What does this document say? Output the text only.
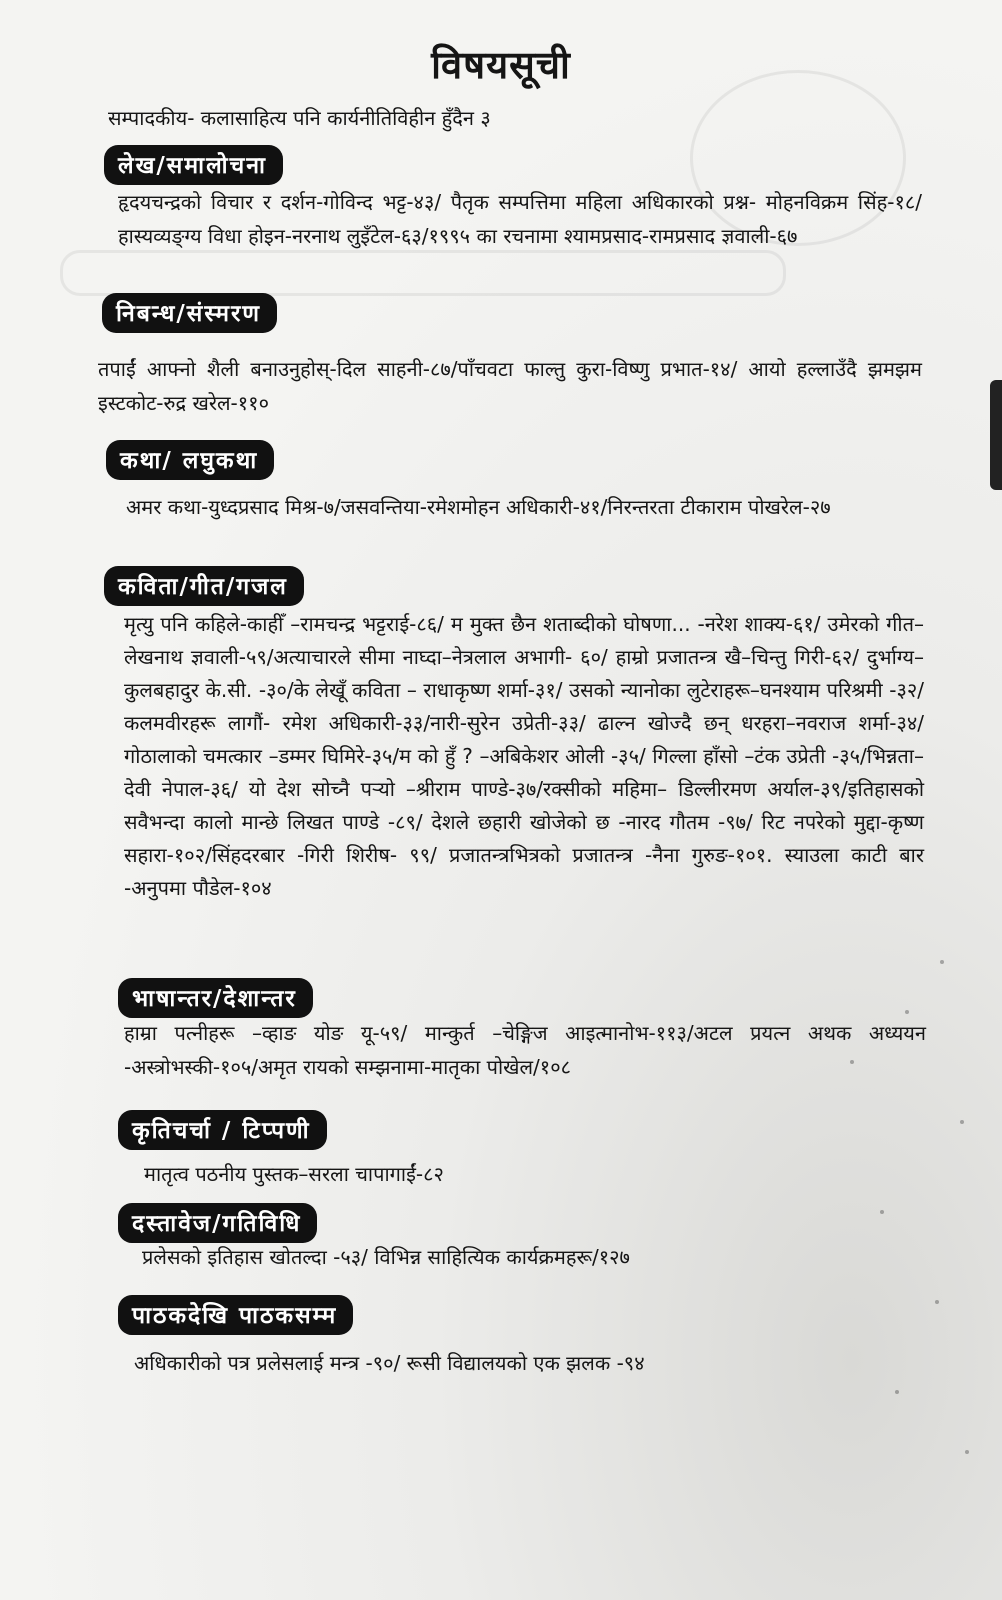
विषयसूची
सम्पादकीय- कलासाहित्य पनि कार्यनीतिविहीन हुँदैन ३
लेख/समालोचना
हृदयचन्द्रको विचार र दर्शन-गोविन्द भट्ट-४३/ पैतृक सम्पत्तिमा महिला अधिकारको प्रश्न- मोहनविक्रम सिंह-१८/हास्यव्यङ्ग्य विधा होइन-नरनाथ लुइँटेल-६३/१९९५ का रचनामा श्यामप्रसाद-रामप्रसाद ज्ञवाली-६७
निबन्ध/संस्मरण
तपाईं आफ्नो शैली बनाउनुहोस्-दिल साहनी-८७/पाँचवटा फाल्तु कुरा-विष्णु प्रभात-१४/ आयो हल्लाउँदै झमझम इस्टकोट-रुद्र खरेल-११०
कथा/ लघुकथा
अमर कथा-युध्दप्रसाद मिश्र-७/जसवन्तिया-रमेशमोहन अधिकारी-४१/निरन्तरता टीकाराम पोखरेल-२७
कविता/गीत/गजल
मृत्यु पनि कहिले-काहीँ –रामचन्द्र भट्टराई-८६/ म मुक्त छैन शताब्दीको घोषणा... -नरेश शाक्य-६१/ उमेरको गीत–लेखनाथ ज्ञवाली-५९/अत्याचारले सीमा नाघ्दा–नेत्रलाल अभागी- ६०/ हाम्रो प्रजातन्त्र खै–चिन्तु गिरी-६२/ दुर्भाग्य–कुलबहादुर के.सी. -३०/के लेखूँ कविता – राधाकृष्ण शर्मा-३१/ उसको न्यानोका लुटेराहरू–घनश्याम परिश्रमी -३२/कलमवीरहरू लागौं- रमेश अधिकारी-३३/नारी-सुरेन उप्रेती-३३/ ढाल्न खोज्दै छन् धरहरा–नवराज शर्मा-३४/गोठालाको चमत्कार –डम्मर घिमिरे-३५/म को हुँ ? –अबिकेशर ओली -३५/ गिल्ला हाँसो –टंक उप्रेती -३५/भिन्नता–देवी नेपाल-३६/ यो देश सोच्नै पर्‍यो –श्रीराम पाण्डे-३७/रक्सीको महिमा– डिल्लीरमण अर्याल-३९/इतिहासको सवैभन्दा कालो मान्छे लिखत पाण्डे -८९/ देशले छहारी खोजेको छ -नारद गौतम -९७/ रिट नपरेको मुद्दा-कृष्ण सहारा-१०२/सिंहदरबार -गिरी शिरीष- ९९/ प्रजातन्त्रभित्रको प्रजातन्त्र -नैना गुरुङ-१०१. स्याउला काटी बार -अनुपमा पौडेल-१०४
भाषान्तर/देशान्तर
हाम्रा पत्नीहरू –व्हाङ योङ यू-५९/ मान्कुर्त –चेङ्गिज आइत्मानोभ-११३/अटल प्रयत्न अथक अध्ययन -अस्त्रोभस्की-१०५/अमृत रायको सम्झनामा-मातृका पोखेल/१०८
कृतिचर्चा / टिप्पणी
मातृत्व पठनीय पुस्तक–सरला चापागाईं-८२
दस्तावेज/गतिविधि
प्रलेसको इतिहास खोतल्दा -५३/ विभिन्न साहित्यिक कार्यक्रमहरू/१२७
पाठकदेखि पाठकसम्म
अधिकारीको पत्र प्रलेसलाई मन्त्र -९०/ रूसी विद्यालयको एक झलक -९४
